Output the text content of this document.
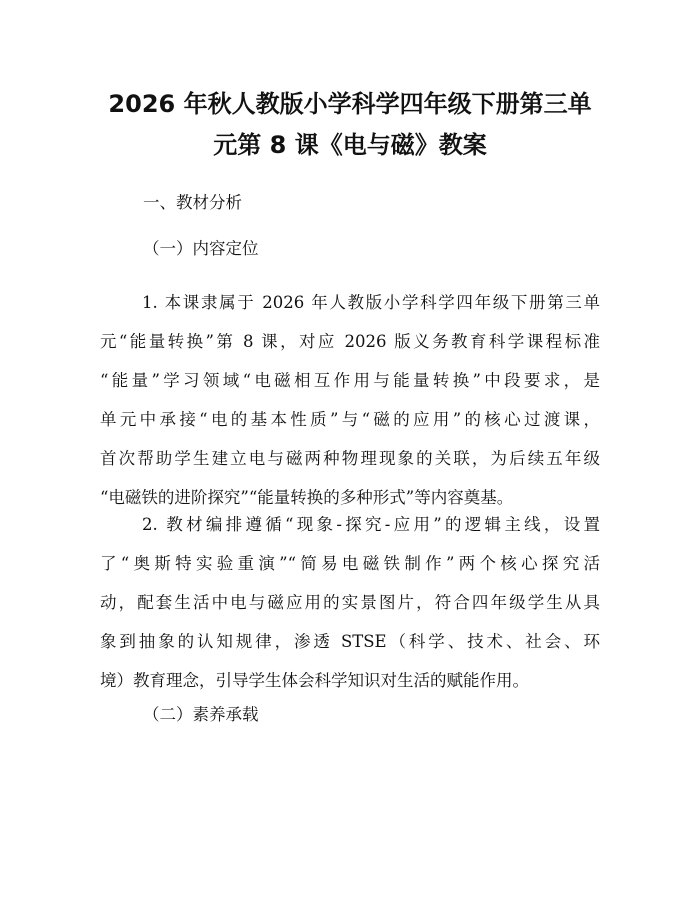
2026 年秋人教版小学科学四年级下册第三单
元第 8 课《电与磁》教案

一、教材分析

（一）内容定位

1. 本课隶属于 2026 年人教版小学科学四年级下册第三单
元“能量转换”第 8 课，对应 2026 版义务教育科学课程标准
“能量”学习领域“电磁相互作用与能量转换”中段要求，是
单元中承接“电的基本性质”与“磁的应用”的核心过渡课，
首次帮助学生建立电与磁两种物理现象的关联，为后续五年级
“电磁铁的进阶探究”“能量转换的多种形式”等内容奠基。
2. 教材编排遵循“现象-探究-应用”的逻辑主线，设置
了“奥斯特实验重演”“简易电磁铁制作”两个核心探究活
动，配套生活中电与磁应用的实景图片，符合四年级学生从具
象到抽象的认知规律，渗透 STSE（科学、技术、社会、环
境）教育理念，引导学生体会科学知识对生活的赋能作用。

（二）素养承载
